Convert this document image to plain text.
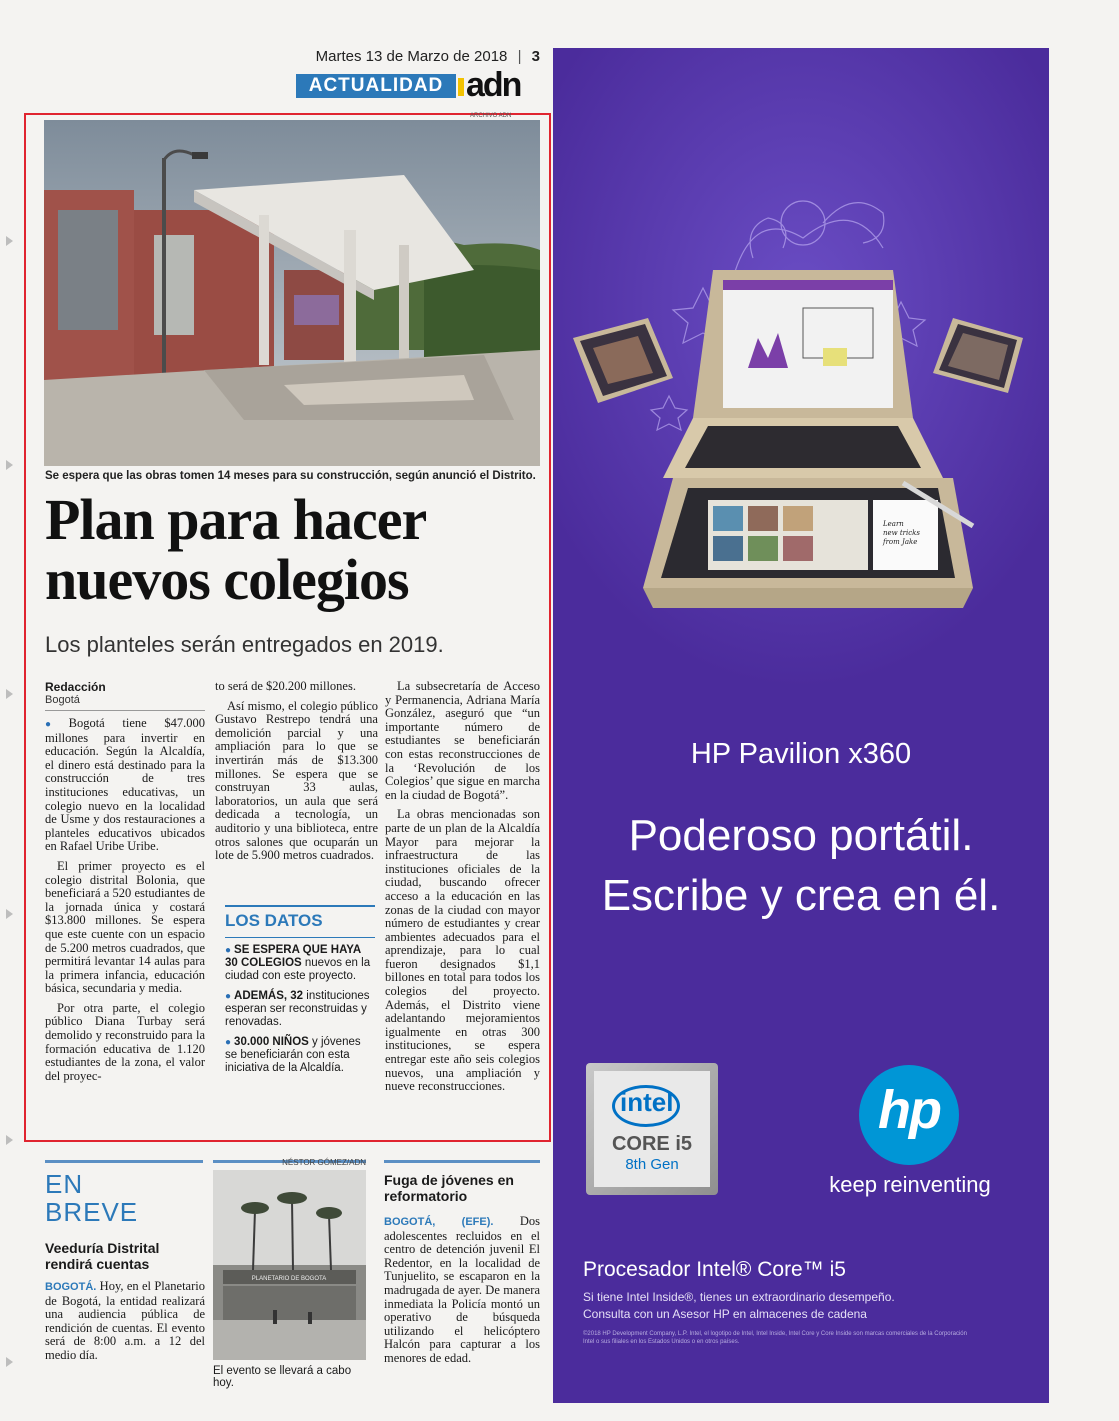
Martes 13 de Marzo de 2018 | 3
ACTUALIDAD adn
ARCHIVO ADN
Se espera que las obras tomen 14 meses para su construcción, según anunció el Distrito.
Plan para hacer
nuevos colegios
Los planteles serán entregados en 2019.
Redacción
Bogotá

● Bogotá tiene $47.000 millones para invertir en educación. Según la Alcaldía, el dinero está destinado para la construcción de tres instituciones educativas, un colegio nuevo en la localidad de Usme y dos restauraciones a planteles educativos ubicados en Rafael Uribe Uribe.

El primer proyecto es el colegio distrital Bolonia, que beneficiará a 520 estudiantes de la jornada única y costará $13.800 millones. Se espera que este cuente con un espacio de 5.200 metros cuadrados, que permitirá levantar 14 aulas para la primera infancia, educación básica, secundaria y media.

Por otra parte, el colegio público Diana Turbay será demolido y reconstruido para la formación educativa de 1.120 estudiantes de la zona, el valor del proyec-

to será de $20.200 millones.

Así mismo, el colegio público Gustavo Restrepo tendrá una demolición parcial y una ampliación para lo que se invertirán más de $13.300 millones. Se espera que se construyan 33 aulas, laboratorios, un aula que será dedicada a tecnología, un auditorio y una biblioteca, entre otros salones que ocuparán un lote de 5.900 metros cuadrados.

LOS DATOS
● SE ESPERA QUE HAYA 30 COLEGIOS nuevos en la ciudad con este proyecto.
● ADEMÁS, 32 instituciones esperan ser reconstruidas y renovadas.
● 30.000 NIÑOS y jóvenes se beneficiarán con esta iniciativa de la Alcaldía.

La subsecretaría de Acceso y Permanencia, Adriana María González, aseguró que “un importante número de estudiantes se beneficiarán con estas reconstrucciones de la ‘Revolución de los Colegios’ que sigue en marcha en la ciudad de Bogotá”.

La obras mencionadas son parte de un plan de la Alcaldía Mayor para mejorar la infraestructura de las instituciones oficiales de la ciudad, buscando ofrecer acceso a la educación en las zonas de la ciudad con mayor número de estudiantes y crear ambientes adecuados para el aprendizaje, para lo cual fueron designados $1,1 billones en total para todos los colegios del proyecto. Además, el Distrito viene adelantando mejoramientos igualmente en otras 300 instituciones, se espera entregar este año seis colegios nuevos, una ampliación y nueve reconstrucciones.

EN
BREVE
Veeduría Distrital rendirá cuentas
BOGOTÁ. Hoy, en el Planetario de Bogotá, la entidad realizará una audiencia pública de rendición de cuentas. El evento será de 8:00 a.m. a 12 del medio día.
NÉSTOR GÓMEZ/ADN
PLANETARIO DE BOGOTA
El evento se llevará a cabo hoy.
Fuga de jóvenes en reformatorio
BOGOTÁ, (EFE). Dos adolescentes recluidos en el centro de detención juvenil El Redentor, en la localidad de Tunjuelito, se escaparon en la madrugada de ayer. De manera inmediata la Policía montó un operativo de búsqueda utilizando el helicóptero Halcón para capturar a los menores de edad.
Learn
new tricks
from Jake
HP Pavilion x360
Poderoso portátil.
Escribe y crea en él.
intel
CORE i5
8th Gen
hp
keep reinventing
Procesador Intel® Core™ i5
Si tiene Intel Inside®, tienes un extraordinario desempeño.
Consulta con un Asesor HP en almacenes de cadena
©2018 HP Development Company, L.P. Intel, el logotipo de Intel, Intel Inside, Intel Core y Core Inside son marcas comerciales de la Corporación
Intel o sus filiales en los Estados Unidos o en otros países.
